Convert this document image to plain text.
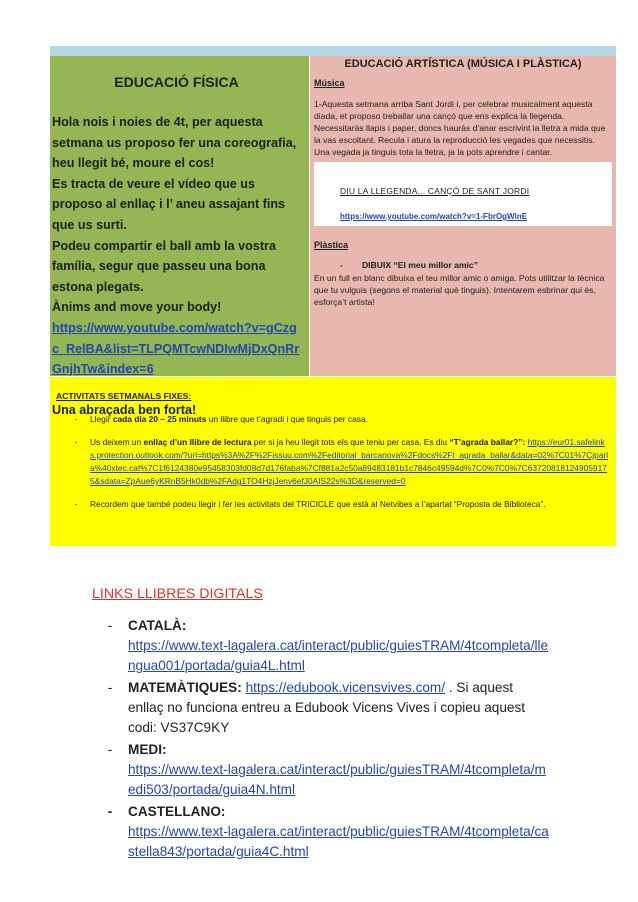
EDUCACIÓ FÍSICA

Hola nois i noies de 4t, per aquesta setmana us proposo fer una coreografia, heu llegit bé, moure el cos!

Es tracta de veure el vídeo que us proposo al enllaç i l’ aneu assajant fins que us surti.

Podeu compartir el ball amb la vostra família, segur que passeu una bona estona plegats.

Ànims and move your body!

https://www.youtube.com/watch?v=gCzgc_RelBA&list=TLPQMTcwNDIwMjDxQnRrGnjhTw&index=6

Una abraçada ben forta!

EDUCACIÓ ARTÍSTICA (MÚSICA I PLÀSTICA)
Música

1-Aquesta setmana arriba Sant Jordi i, per celebrar musicalment aquesta diada, et proposo treballar una cançó que ens explica la llegenda. Necessitaràs llapis i paper, doncs hauràs d’anar escrivint la lletra a mida que la vas escoltant. Recula i atura la reproducció les vegades que necessitis. Una vegada ja tinguis tota la lletra, ja la pots aprendre i cantar.

DIU LA LLEGENDA... CANÇÓ DE SANT JORDI
https://www.youtube.com/watch?v=1-FbrOgWlnE
Plàstica
-        DIBUIX “El meu millor amic”

En un full en blanc dibuixa el teu millor amic o amiga. Pots utilitzar la tècnica que tu vulguis (segons el material què tinguis). Intentarem esbrinar qui és, esforça’t artista!

ACTIVITATS SETMANALS FIXES:
-	Llegir cada dia 20 – 25 minuts un llibre que t’agradi i que tinguis per casa.
-	Us deixem un enllaç d’un llibre de lectura per si ja heu llegit tots els que teniu per casa. Es diu “T’agrada ballar?”: https://eur01.safelinks.protection.outlook.com/?url=https%3A%2F%2Fissuu.com%2Feditorial_barcanova%2Fdocs%2Ft_agrada_ballar&data=02%7C01%7Cjparla%40xtec.cat%7C1f6124380e95458303fd08d7d176faba%7Cf881a2c50a89483181b1c7846c49594d%7C0%7C0%7C637208181249059175&sdata=ZpAue6yKRnB5Hk0db%2FAdg1TO4HzjJenv6efJ0AIS22s%3D&reserved=0
-	Recordem que també podeu llegir i fer les activitats del TRICICLE que està al Netvibes a l’apartat “Proposta de Biblioteca”.
LINKS LLIBRES DIGITALS
-	CATALÀ:
https://www.text-lagalera.cat/interact/public/guiesTRAM/4tcompleta/llengua001/portada/guia4L.html
-	MATEMÀTIQUES: https://edubook.vicensvives.com/ . Si aquest enllaç no funciona entreu a Edubook Vicens Vives i copieu aquest codi: VS37C9KY
-	MEDI:
https://www.text-lagalera.cat/interact/public/guiesTRAM/4tcompleta/medi503/portada/guia4N.html
-	CASTELLANO:
https://www.text-lagalera.cat/interact/public/guiesTRAM/4tcompleta/castella843/portada/guia4C.html
